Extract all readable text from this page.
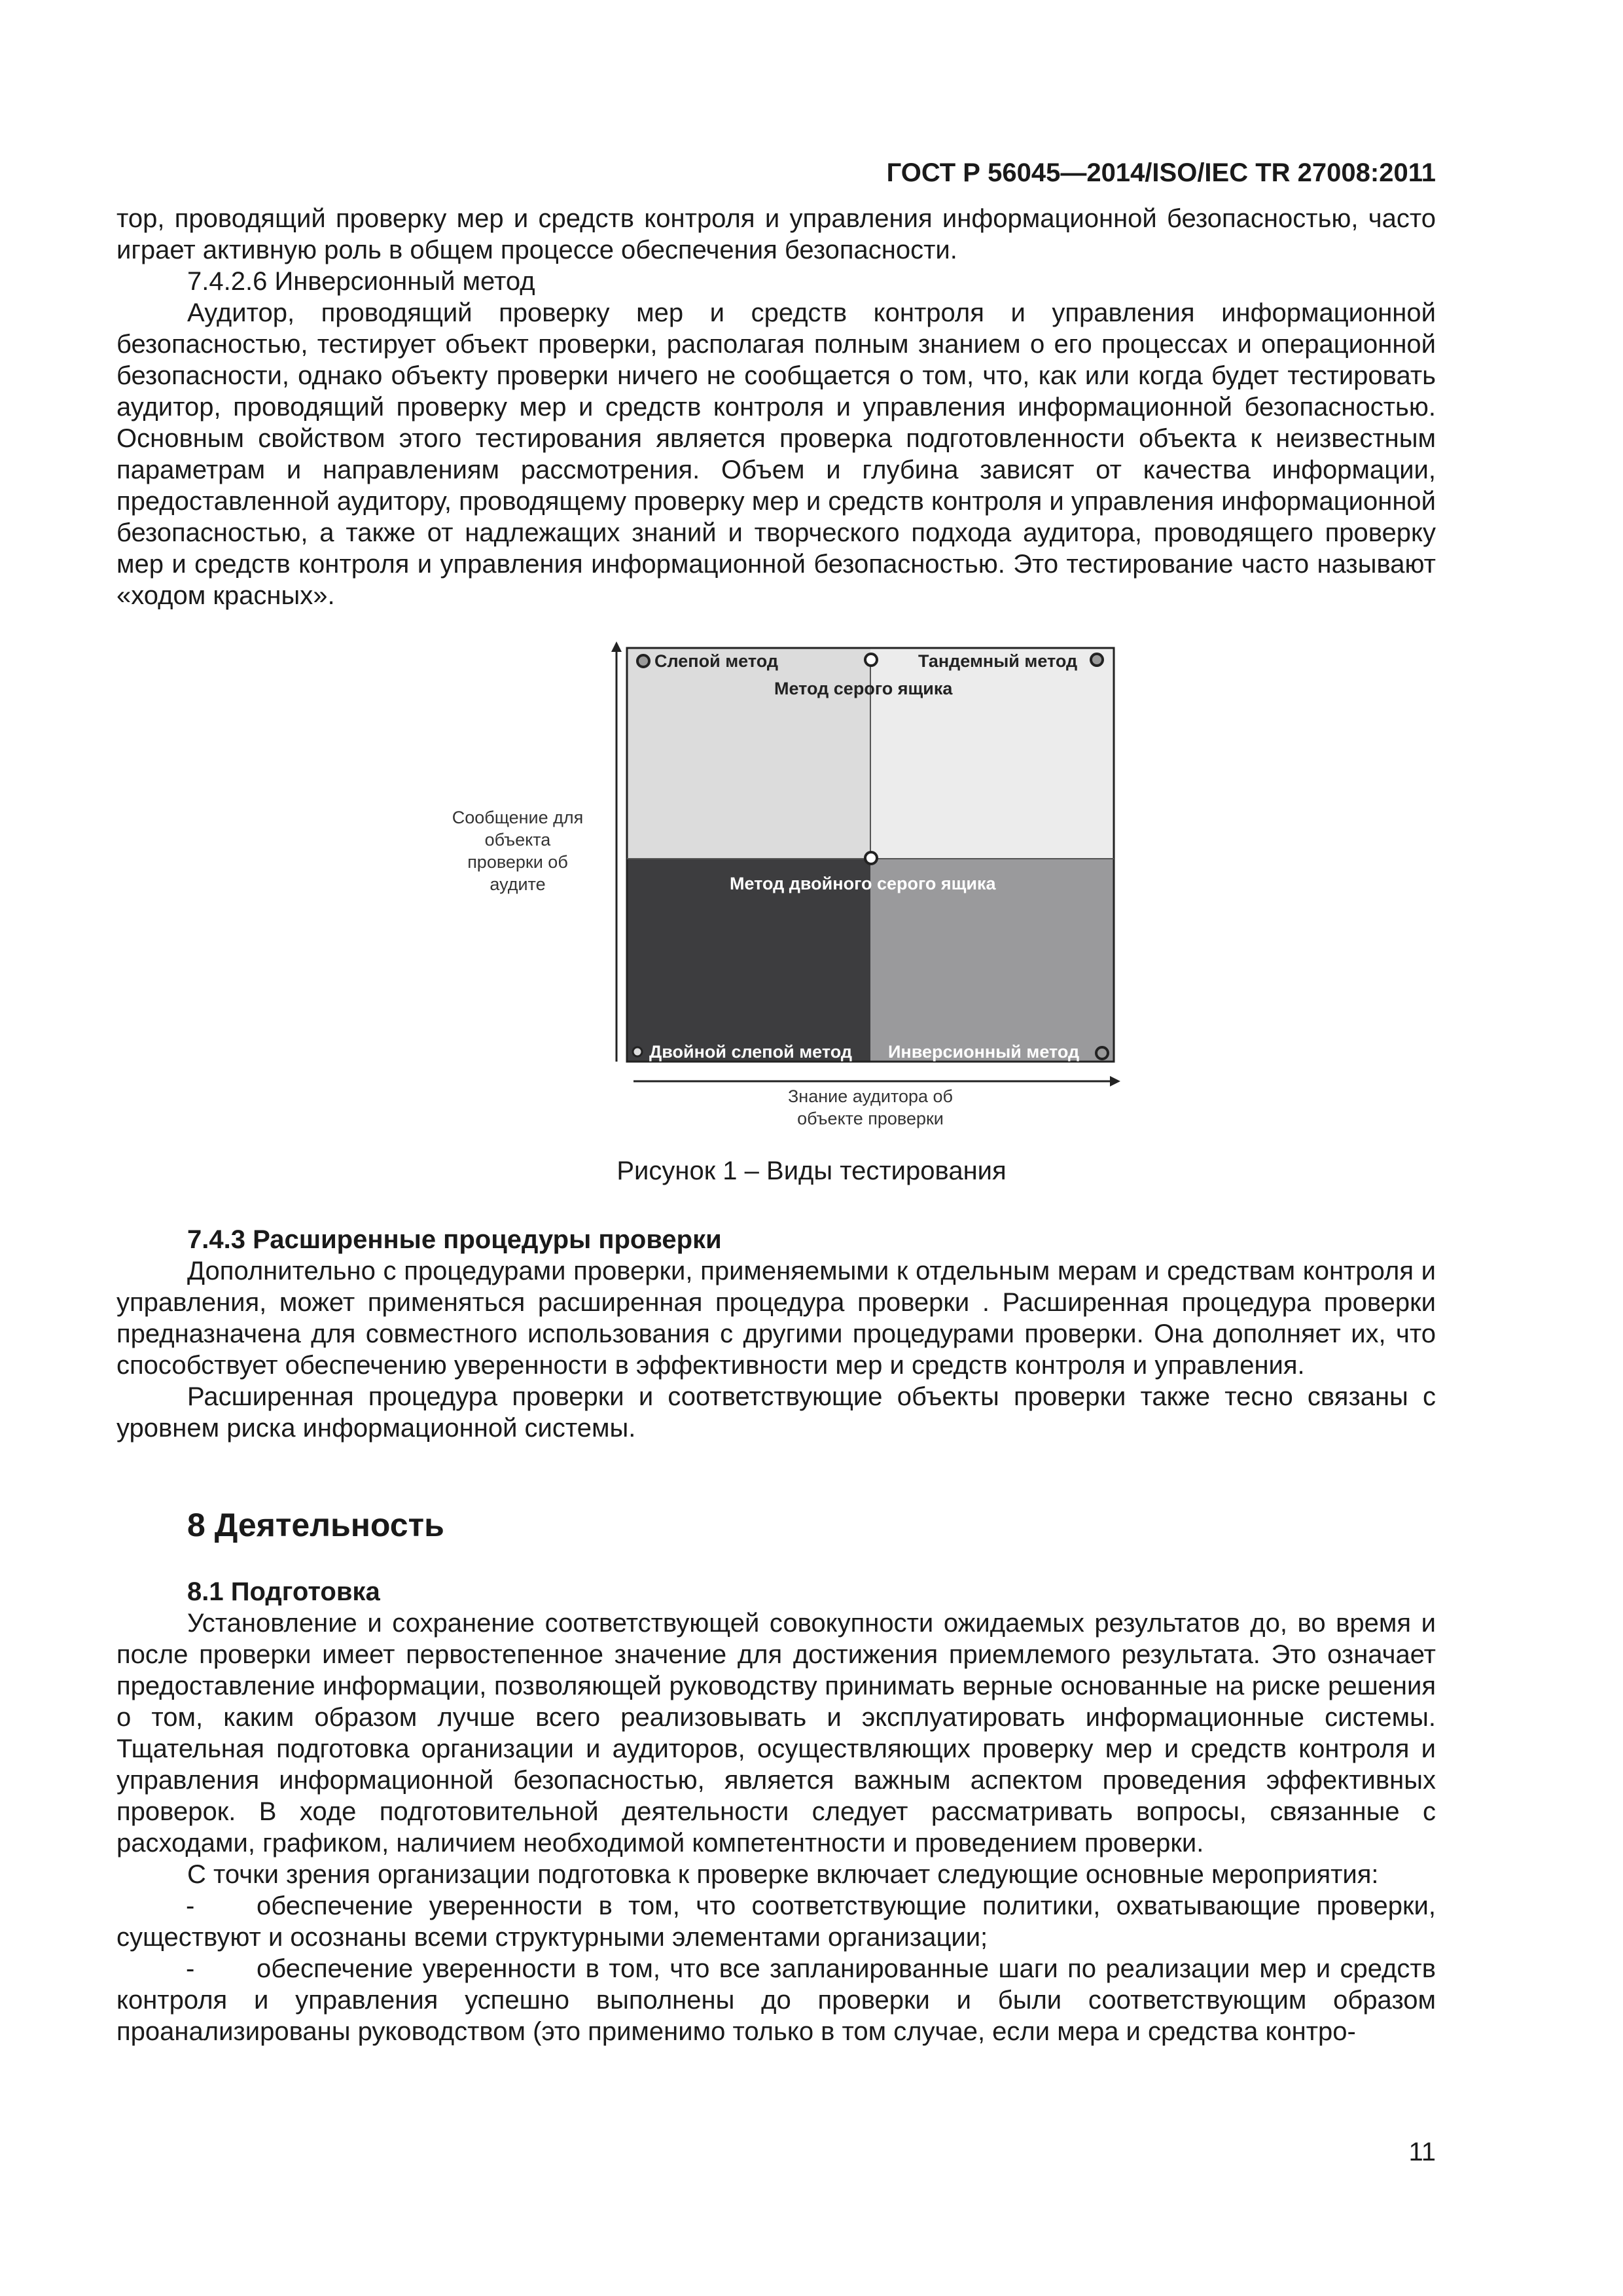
ГОСТ Р 56045—2014/ISO/IEC TR 27008:2011

тор, проводящий проверку мер и средств контроля и управления информационной безопасностью, часто играет активную роль в общем процессе обеспечения безопасности.

7.4.2.6 Инверсионный метод

Аудитор, проводящий проверку мер и средств контроля и управления информационной безопасностью, тестирует объект проверки, располагая полным знанием о его процессах и операционной безопасности, однако объекту проверки ничего не сообщается о том, что, как или когда будет тестировать аудитор, проводящий проверку мер и средств контроля и управления информационной безопасностью. Основным свойством этого тестирования является проверка подготовленности объекта к неизвестным параметрам и направлениям рассмотрения. Объем и глубина зависят от качества информации, предоставленной аудитору, проводящему проверку мер и средств контроля и управления информационной безопасностью, а также от надлежащих знаний и творческого подхода аудитора, проводящего проверку мер и средств контроля и управления информационной безопасностью. Это тестирование часто называют «ходом красных».

Слепой метод	Тандемный метод
Метод серого ящика
Метод двойного серого ящика
Двойной слепой метод Инверсионный метод
Сообщение для объекта проверки об аудите
Знание аудитора об объекте проверки
Рисунок 1 – Виды тестирования

7.4.3 Расширенные процедуры проверки

Дополнительно с процедурами проверки, применяемыми к отдельным мерам и средствам контроля и управления, может применяться расширенная процедура проверки . Расширенная процедура проверки предназначена для совместного использования с другими процедурами проверки. Она дополняет их, что способствует обеспечению уверенности в эффективности мер и средств контроля и управления.

Расширенная процедура проверки и соответствующие объекты проверки также тесно связаны с уровнем риска информационной системы.

8 Деятельность

8.1 Подготовка

Установление и сохранение соответствующей совокупности ожидаемых результатов до, во время и после проверки имеет первостепенное значение для достижения приемлемого результата. Это означает предоставление информации, позволяющей руководству принимать верные основанные на риске решения о том, каким образом лучше всего реализовывать и эксплуатировать информационные системы. Тщательная подготовка организации и аудиторов, осуществляющих проверку мер и средств контроля и управления информационной безопасностью, является важным аспектом проведения эффективных проверок. В ходе подготовительной деятельности следует рассматривать вопросы, связанные с расходами, графиком, наличием необходимой компетентности и проведением проверки.

С точки зрения организации подготовка к проверке включает следующие основные мероприятия:

- обеспечение уверенности в том, что соответствующие политики, охватывающие проверки, существуют и осознаны всеми структурными элементами организации;

- обеспечение уверенности в том, что все запланированные шаги по реализации мер и средств контроля и управления успешно выполнены до проверки и были соответствующим образом проанализированы руководством (это применимо только в том случае, если мера и средства контро-

11
